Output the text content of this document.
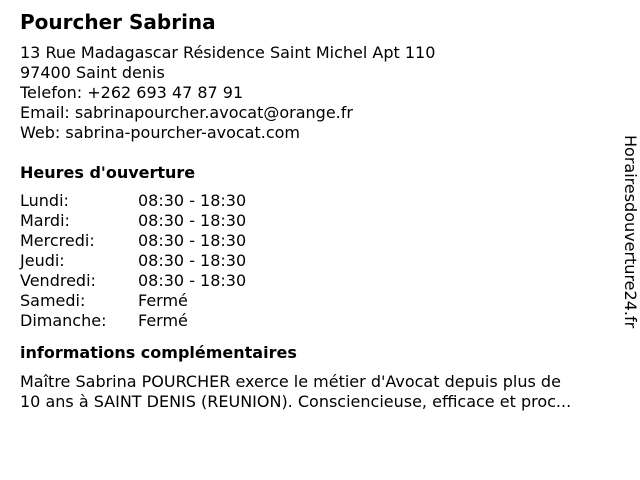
Pourcher Sabrina
13 Rue Madagascar Résidence Saint Michel Apt 110
97400 Saint denis
Telefon: +262 693 47 87 91
Email: sabrinapourcher.avocat@orange.fr
Web: sabrina-pourcher-avocat.com
Heures d'ouverture
Lundi:	08:30 - 18:30
Mardi:	08:30 - 18:30
Mercredi:	08:30 - 18:30
Jeudi:	08:30 - 18:30
Vendredi:	08:30 - 18:30
Samedi:	Fermé
Dimanche:	Fermé
informations complémentaires
Maître Sabrina POURCHER exerce le métier d'Avocat depuis plus de
10 ans à SAINT DENIS (REUNION). Consciencieuse, efficace et proc...
Horairesdouverture24.fr
